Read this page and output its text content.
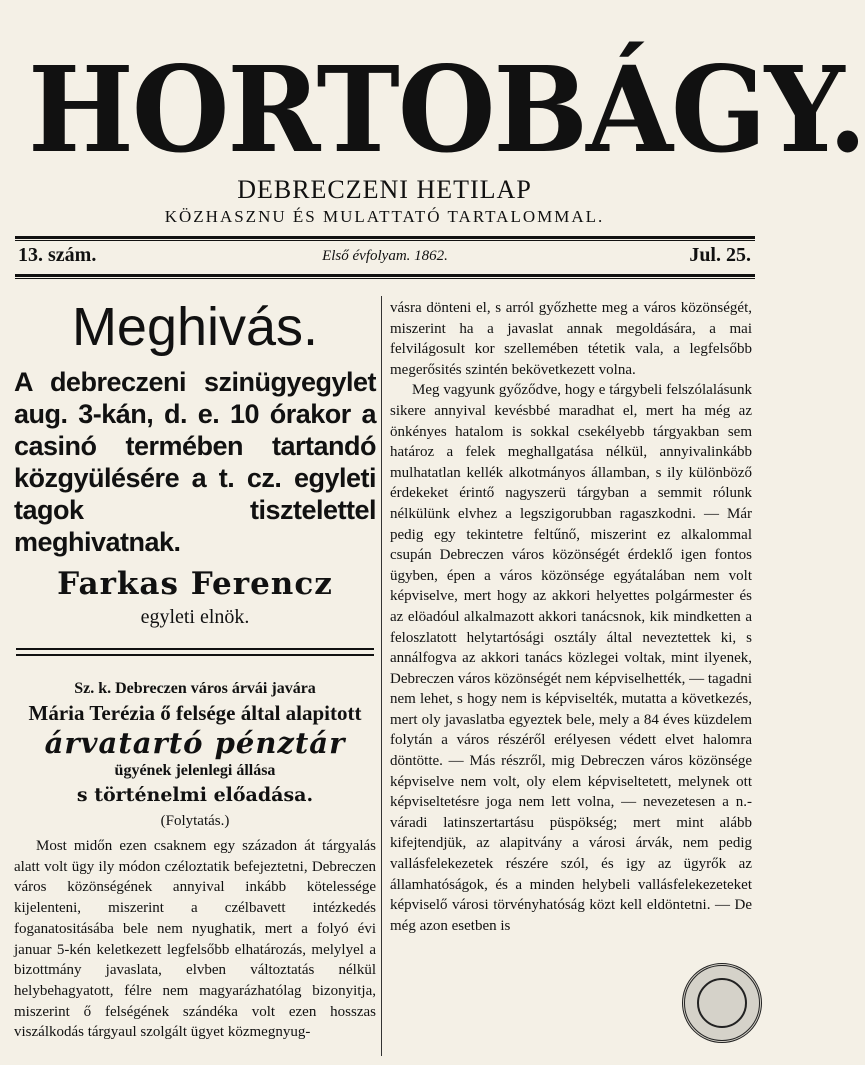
HORTOBÁGY.
DEBRECZENI HETILAP
KÖZHASZNU ÉS MULATTATÓ TARTALOMMAL.
13. szám.	Első évfolyam. 1862.	Jul. 25.
Meghivás.
A debreczeni szinügyegylet aug. 3-kán, d. e. 10 órakor a casinó termében tartandó közgyülésére a t. cz. egyleti tagok tisztelettel meghivatnak.
Farkas Ferencz
egyleti elnök.
Sz. k. Debreczen város árvái javára
Mária Terézia ő felsége által alapitott
árvatartó pénztár
ügyének jelenlegi állása
s történelmi előadása.
(Folytatás.)
Most midőn ezen csaknem egy századon át tárgyalás alatt volt ügy ily módon czéloztatik befejeztetni, Debreczen város közönségének annyival inkább kötelessége kijelenteni, miszerint a czélbavett intézkedés foganatositásába bele nem nyughatik, mert a folyó évi januar 5-kén keletkezett legfelsőbb elhatározás, melylyel a bizottmány javaslata, elvben változtatás nélkül helybehagyatott, félre nem magyarázhatólag bizonyitja, miszerint ő felségének szándéka volt ezen hosszas viszálkodás tárgyaul szolgált ügyet közmegnyug-

vásra dönteni el, s arról győzhette meg a város közönségét, miszerint ha a javaslat annak megoldására, a mai felvilágosult kor szellemében tétetik vala, a legfelsőbb megerősités szintén bekövetkezett volna.

Meg vagyunk győződve, hogy e tárgybeli felszólalásunk sikere annyival kevésbbé maradhat el, mert ha még az önkényes hatalom is sokkal csekélyebb tárgyakban sem határoz a felek meghallgatása nélkül, annyivalinkább mulhatatlan kellék alkotmányos államban, s ily különböző érdekeket érintő nagyszerü tárgyban a semmit rólunk nélkülünk elvhez a legszigorubban ragaszkodni. — Már pedig egy tekintetre feltűnő, miszerint ez alkalommal csupán Debreczen város közönségét érdeklő igen fontos ügyben, épen a város közönsége egyátalában nem volt képviselve, mert hogy az akkori helyettes polgármester és az elöadóul alkalmazott akkori tanácsnok, kik mindketten a feloszlatott helytartósági osztály által neveztettek ki, s annálfogva az akkori tanács közlegei voltak, mint ilyenek, Debreczen város közönségét nem képviselhették, — tagadni nem lehet, s hogy nem is képviselték, mutatta a következés, mert oly javaslatba egyeztek bele, mely a 84 éves küzdelem folytán a város részéről erélyesen védett elvet halomra döntötte. — Más részről, mig Debreczen város közönsége képviselve nem volt, oly elem képviseltetett, melynek ott képviseltetésre joga nem lett volna, — nevezetesen a n.-váradi latinszertartásu püspökség; mert mint alább kifejtendjük, az alapitvány a városi árvák, nem pedig vallásfelekezetek részére szól, és igy az ügyrők az államhatóságok, és a minden helybeli vallásfelekezeteket képviselő városi törvényhatóság közt kell eldöntetni. — De még azon esetben is
